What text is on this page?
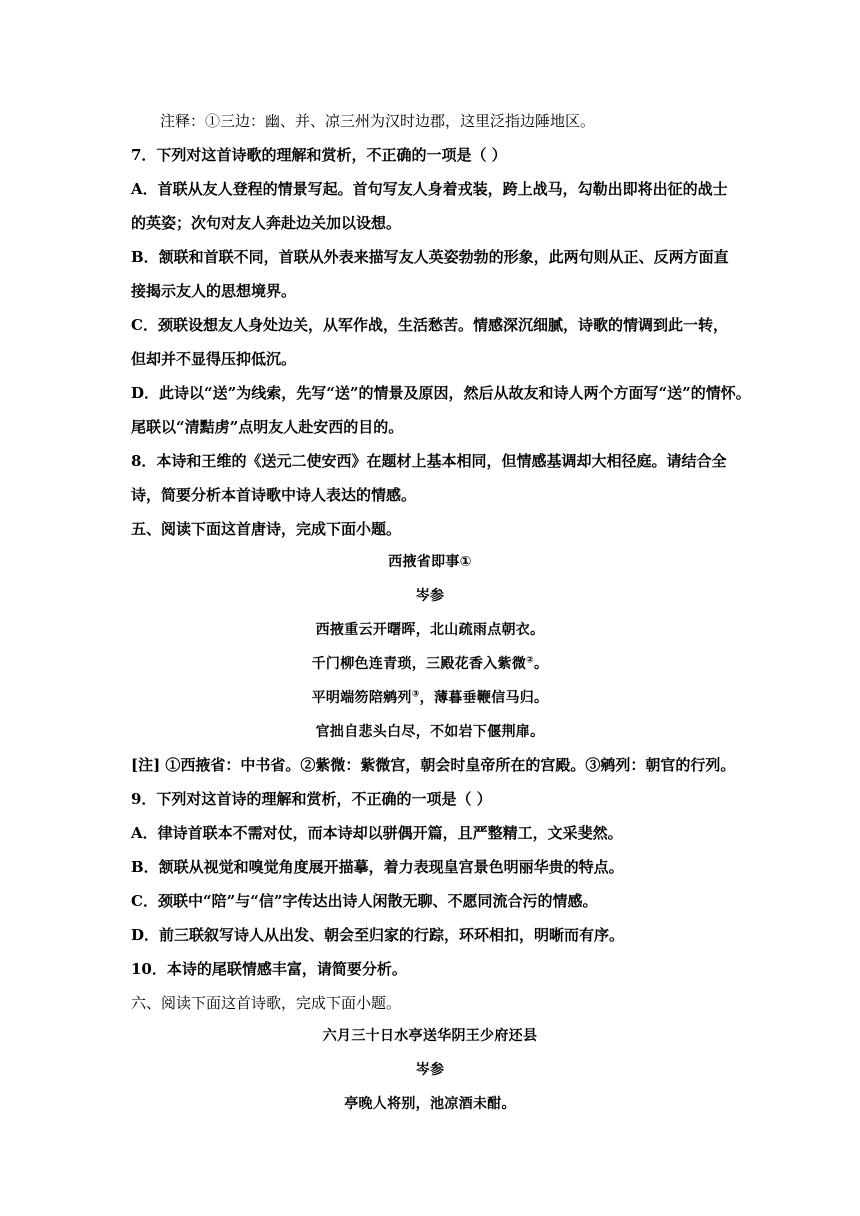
注释：①三边：幽、并、凉三州为汉时边郡，这里泛指边陲地区。
7．下列对这首诗歌的理解和赏析，不正确的一项是（ ）
A．首联从友人登程的情景写起。首句写友人身着戎装，跨上战马，勾勒出即将出征的战士
的英姿；次句对友人奔赴边关加以设想。
B．颔联和首联不同，首联从外表来描写友人英姿勃勃的形象，此两句则从正、反两方面直
接揭示友人的思想境界。
C．颈联设想友人身处边关，从军作战，生活愁苦。情感深沉细腻，诗歌的情调到此一转，
但却并不显得压抑低沉。
D．此诗以“送”为线索，先写“送”的情景及原因，然后从故友和诗人两个方面写“送”的情怀。
尾联以“清黠虏”点明友人赴安西的目的。
8．本诗和王维的《送元二使安西》在题材上基本相同，但情感基调却大相径庭。请结合全
诗，简要分析本首诗歌中诗人表达的情感。
五、阅读下面这首唐诗，完成下面小题。
西掖省即事①
岑参
西掖重云开曙晖，北山疏雨点朝衣。
千门柳色连青琐，三殿花香入紫微②。
平明端笏陪鹓列③，薄暮垂鞭信马归。
官拙自悲头白尽，不如岩下偃荆扉。
[注] ①西掖省：中书省。②紫微：紫微宫，朝会时皇帝所在的宫殿。③鹓列：朝官的行列。
9．下列对这首诗的理解和赏析，不正确的一项是（ ）
A．律诗首联本不需对仗，而本诗却以骈偶开篇，且严整精工，文采斐然。
B．颔联从视觉和嗅觉角度展开描摹，着力表现皇宫景色明丽华贵的特点。
C．颈联中“陪”与“信”字传达出诗人闲散无聊、不愿同流合污的情感。
D．前三联叙写诗人从出发、朝会至归家的行踪，环环相扣，明晰而有序。
10．本诗的尾联情感丰富，请简要分析。
六、阅读下面这首诗歌，完成下面小题。
六月三十日水亭送华阴王少府还县
岑参
亭晚人将别，池凉酒未酣。
